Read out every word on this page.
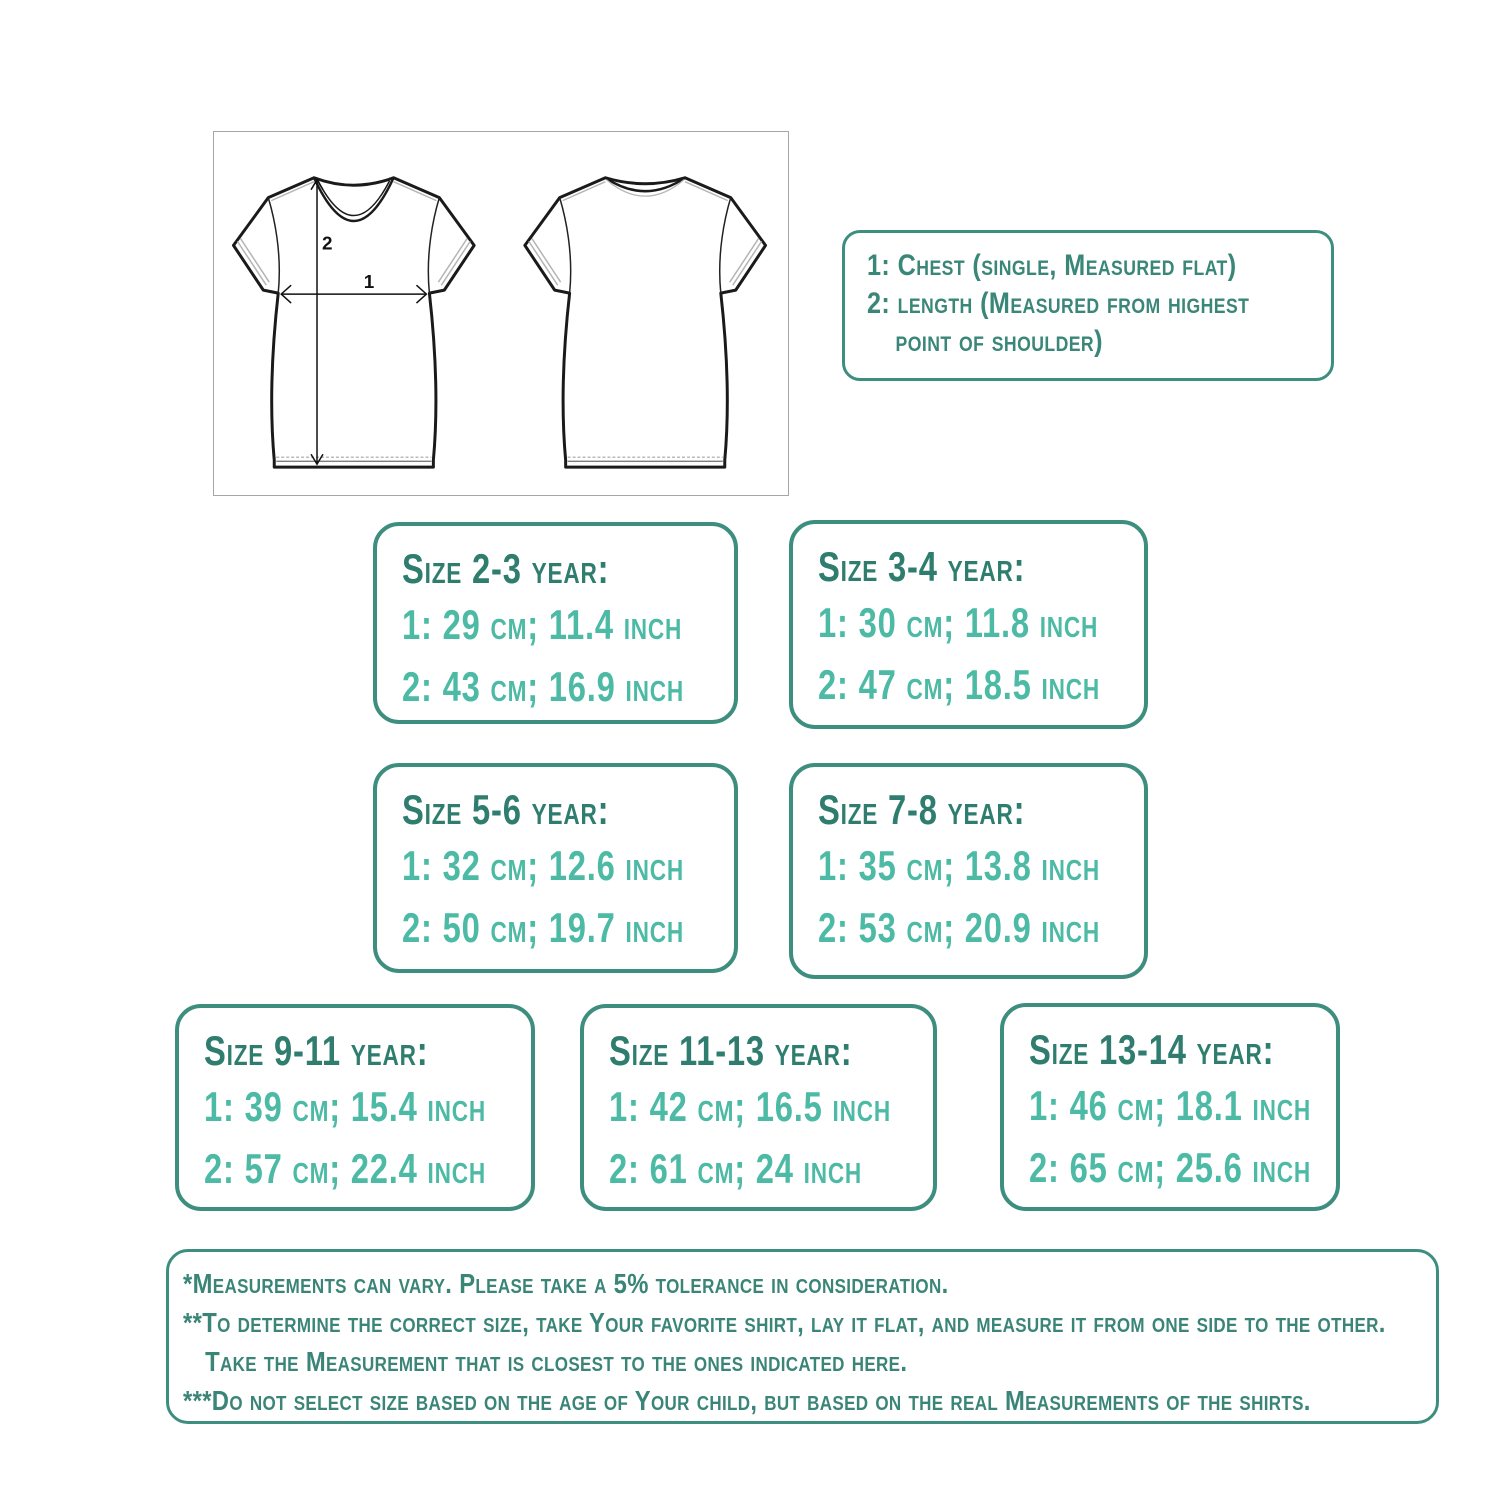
2
1
1: Chest (single, Measured flat)
2: length (Measured from highest
point of shoulder)
Size 2-3 year:
1: 29 cm; 11.4 inch
2: 43 cm; 16.9 inch
Size 3-4 year:
1: 30 cm; 11.8 inch
2: 47 cm; 18.5 inch
Size 5-6 year:
1: 32 cm; 12.6 inch
2: 50 cm; 19.7 inch
Size 7-8 year:
1: 35 cm; 13.8 inch
2: 53 cm; 20.9 inch
Size 9-11 year:
1: 39 cm; 15.4 inch
2: 57 cm; 22.4 inch
Size 11-13 year:
1: 42 cm; 16.5 inch
2: 61 cm; 24 inch
Size 13-14 year:
1: 46 cm; 18.1 inch
2: 65 cm; 25.6 inch
*Measurements can vary. Please take a 5% tolerance in consideration.
**To determine the correct size, take Your favorite shirt, lay it flat, and measure it from one side to the other.
Take the Measurement that is closest to the ones indicated here.
***Do not select size based on the age of Your child, but based on the real Measurements of the shirts.
